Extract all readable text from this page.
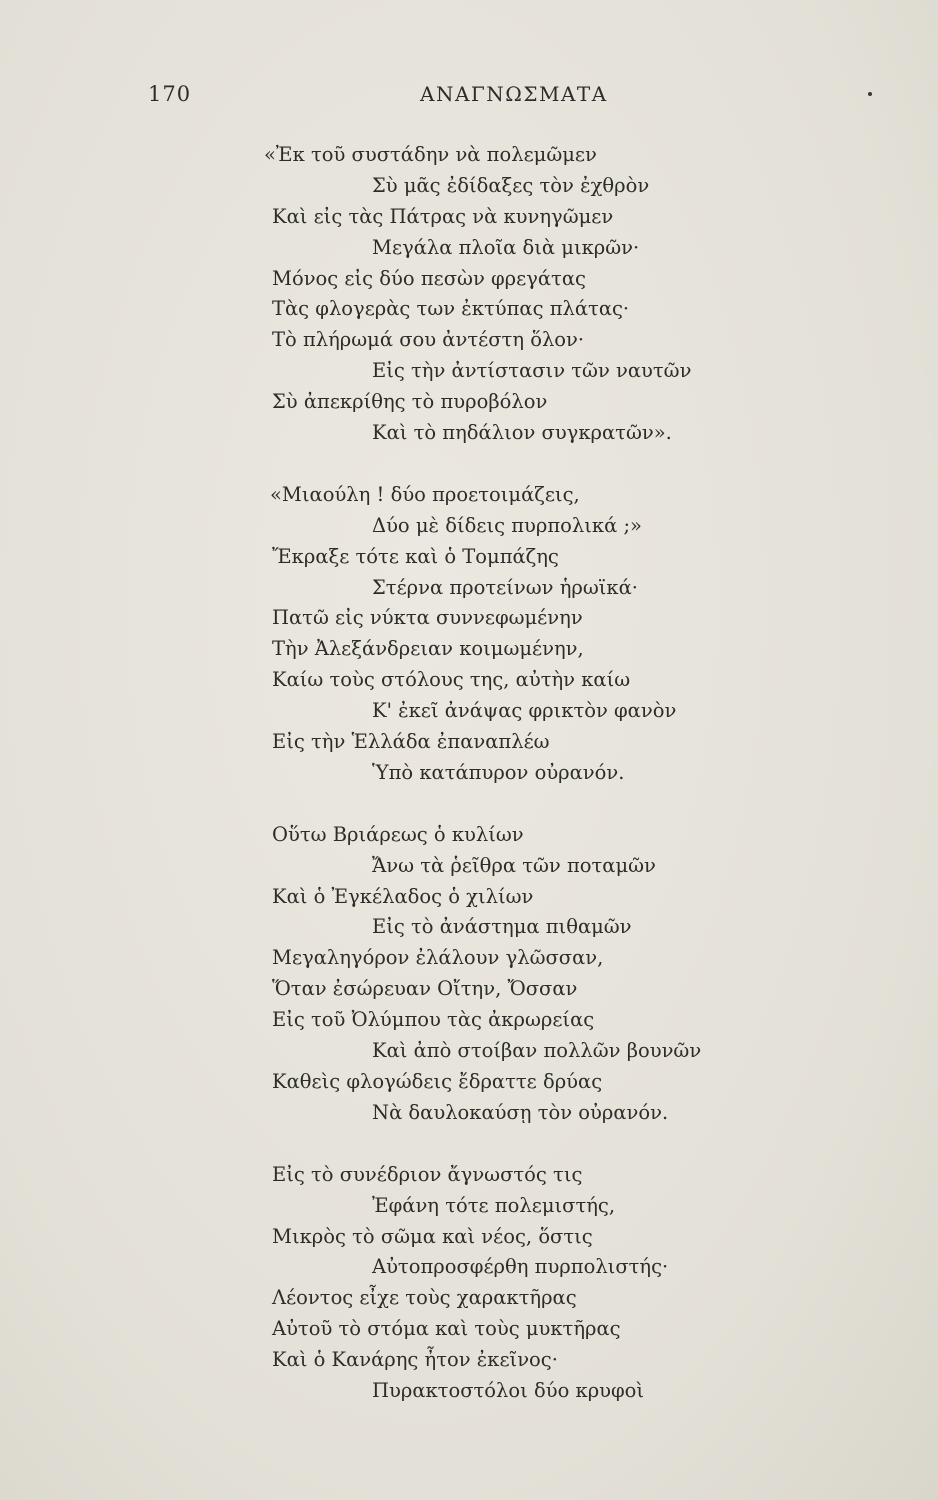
170	ΑΝΑΓΝΩΣΜΑΤΑ
«Ἐκ τοῦ συστάδην νὰ πολεμῶμεν
Σὺ μᾶς ἐδίδαξες τὸν ἐχθρὸν
Καὶ εἰς τὰς Πάτρας νὰ κυνηγῶμεν
Μεγάλα πλοῖα διὰ μικρῶν·
Μόνος εἰς δύο πεσὼν φρεγάτας
Τὰς φλογερὰς των ἐκτύπας πλάτας·
Τὸ πλήρωμά σου ἀντέστη ὅλον·
Εἰς τὴν ἀντίστασιν τῶν ναυτῶν
Σὺ ἀπεκρίθης τὸ πυροβόλον
Καὶ τὸ πηδάλιον συγκρατῶν».
«Μιαούλη ! δύο προετοιμάζεις,
Δύο μὲ δίδεις πυρπολικά ;»
Ἔκραξε τότε καὶ ὁ Τομπάζης
Στέρνα προτείνων ἡρωϊκά·
Πατῶ εἰς νύκτα συννεφωμένην
Τὴν Ἀλεξάνδρειαν κοιμωμένην,
Καίω τοὺς στόλους της, αὐτὴν καίω
Κ' ἐκεῖ ἀνάψας φρικτὸν φανὸν
Εἰς τὴν Ἑλλάδα ἐπαναπλέω
Ὑπὸ κατάπυρον οὐρανόν.
Οὕτω Βριάρεως ὁ κυλίων
Ἄνω τὰ ῥεῖθρα τῶν ποταμῶν
Καὶ ὁ Ἐγκέλαδος ὁ χιλίων
Εἰς τὸ ἀνάστημα πιθαμῶν
Μεγαληγόρον ἐλάλουν γλῶσσαν,
Ὅταν ἐσώρευαν Οἴτην, Ὄσσαν
Εἰς τοῦ Ὀλύμπου τὰς ἀκρωρείας
Καὶ ἀπὸ στοίβαν πολλῶν βουνῶν
Καθεὶς φλογώδεις ἔδραττε δρύας
Νὰ δαυλοκαύσῃ τὸν οὐρανόν.
Εἰς τὸ συνέδριον ἄγνωστός τις
Ἐφάνη τότε πολεμιστής,
Μικρὸς τὸ σῶμα καὶ νέος, ὅστις
Αὐτοπροσφέρθη πυρπολιστής·
Λέοντος εἶχε τοὺς χαρακτῆρας
Αὐτοῦ τὸ στόμα καὶ τοὺς μυκτῆρας
Καὶ ὁ Κανάρης ἦτον ἐκεῖνος·
Πυρακτοστόλοι δύο κρυφοὶ
